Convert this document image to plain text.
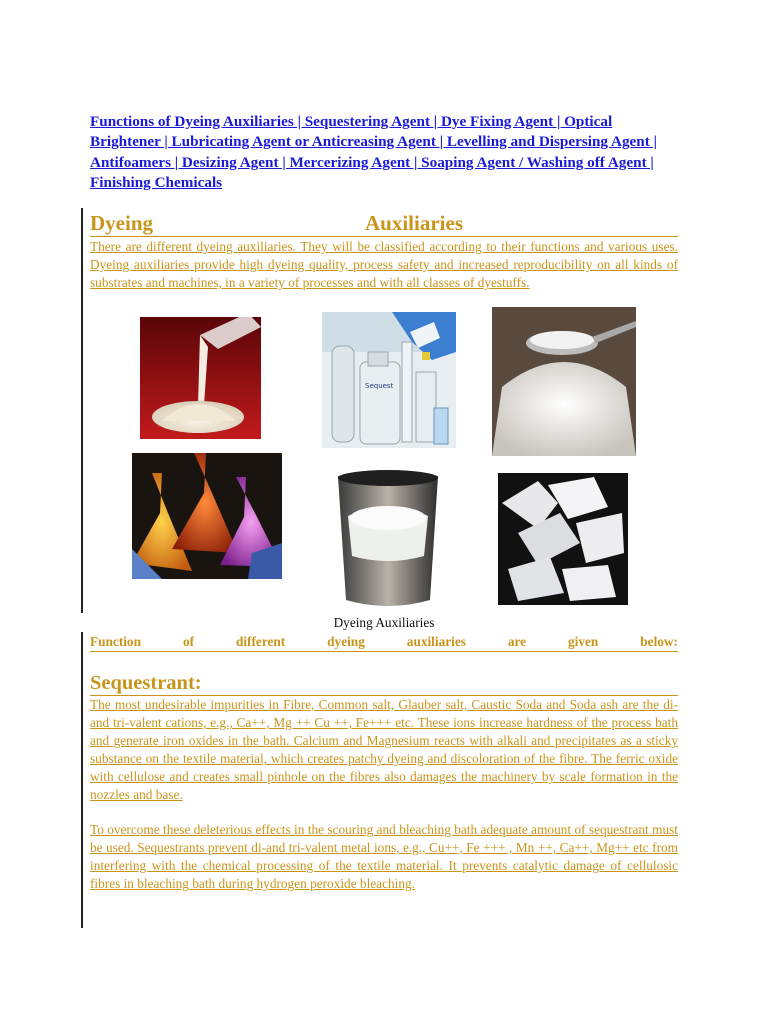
Functions of Dyeing Auxiliaries | Sequestering Agent | Dye Fixing Agent | Optical Brightener | Lubricating Agent or Anticreasing Agent | Levelling and Dispersing Agent | Antifoamers | Desizing Agent | Mercerizing Agent | Soaping Agent / Washing off Agent | Finishing Chemicals

Dyeing	Auxiliaries

There are different dyeing auxiliaries. They will be classified according to their functions and various uses. Dyeing auxiliaries provide high dyeing quality, process safety and increased reproducibility on all kinds of substrates and machines, in a variety of processes and with all classes of dyestuffs.

Sequest
Dyeing Auxiliaries
Function	of	different	dyeing	auxiliaries	are	given	below:
Sequestrant:

The most undesirable impurities in Fibre, Common salt, Glauber salt, Caustic Soda and Soda ash are the di- and tri-valent cations, e.g., Ca++, Mg ++ Cu ++, Fe+++ etc. These ions increase hardness of the process bath and generate iron oxides in the bath. Calcium and Magnesium reacts with alkali and precipitates as a sticky substance on the textile material, which creates patchy dyeing and discoloration of the fibre. The ferric oxide with cellulose and creates small pinhole on the fibres also damages the machinery by scale formation in the nozzles and base.

To overcome these deleterious effects in the scouring and bleaching bath adequate amount of sequestrant must be used. Sequestrants prevent di-and tri-valent metal ions, e.g., Cu++, Fe +++ , Mn ++, Ca++, Mg++ etc from interfering with the chemical processing of the textile material. It prevents catalytic damage of cellulosic fibres in bleaching bath during hydrogen peroxide bleaching.
